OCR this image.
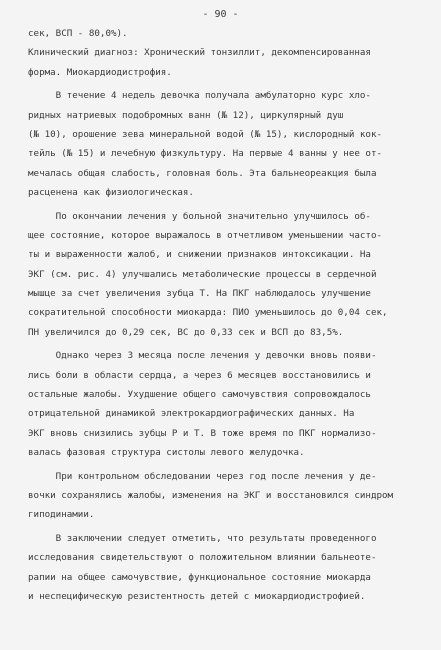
- 90 -
сек, ВСП - 80,0%).
Клинический диагноз: Хронический тонзиллит, декомпенсированная
форма. Миокардиодистрофия.
В течение 4 недель девочка получала амбулаторно курс хло-
ридных натриевых подобромных ванн (№ 12), циркулярный душ
(№ 10), орошение зева минеральной водой (№ 15), кислородный кок-
тейль (№ 15) и лечебную физкультуру. На первые 4 ванны у нее от-
мечалась общая слабость, головная боль. Эта бальнеореакция была
расценена как физиологическая.
По окончании лечения у больной значительно улучшилось об-
щее состояние, которое выражалось в отчетливом уменьшении часто-
ты и выраженности жалоб, и снижении признаков интоксикации. На
ЭКГ (см. рис. 4) улучшались метаболические процессы в сердечной
мышце за счет увеличения зубца Т. На ПКГ наблюдалось улучшение
сократительной способности миокарда: ПИО уменьшилось до 0,04 сек,
ПН увеличился до 0,29 сек, ВС до 0,33 сек и ВСП до 83,5%.
Однако через 3 месяца после лечения у девочки вновь появи-
лись боли в области сердца, а через 6 месяцев восстановились и
остальные жалобы. Ухудшение общего самочувствия сопровождалось
отрицательной динамикой электрокардиографических данных. На
ЭКГ вновь снизились зубцы Р и Т. В тоже время по ПКГ нормализо-
валась фазовая структура систолы левого желудочка.
При контрольном обследовании через год после лечения у де-
вочки сохранялись жалобы, изменения на ЭКГ и восстановился синдром
гиподинамии.
В заключении следует отметить, что результаты проведенного
исследования свидетельствуют о положительном влиянии бальнеоте-
рапии на общее самочувствие, функциональное состояние миокарда
и неспецифическую резистентность детей с миокардиодистрофией.
